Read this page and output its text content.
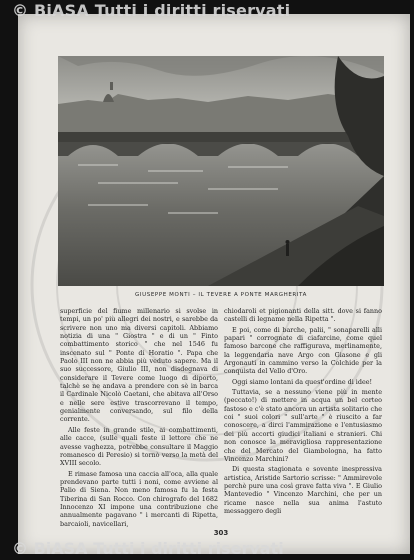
© BiASA Tutti i diritti riservati
GIUSEPPE MONTI – IL TEVERE A PONTE MARGHERITA

superficie del fiume millenario si svolse in tempi, un po' più allegri dei nostri, e sarebbe da scrivere non uno ma diversi capitoli. Abbiamo notizia di una " Giostra " e di un " Finto combattimento storico " che nel 1546 fu inscenato sul " Ponte di Horatio ". Papa che Paolo III non ne abbia più veduto sapere. Ma il suo successore, Giulio III, non disdegnava di considerare il Tevere come luogo di diporto, talchè se ne andava a prendere con sè in barca il Cardinale Nicolò Caetani, che abitava all'Orso e nelle sere estive trascorrevano il tempo, genialmente conversando, sul filo della corrente.

Alle feste in grande stile, ai combattimenti, alle cacce, (sulle quali feste il lettore che ne avesse vaghezza, potrebbe consultare il Maggio romanesco di Peresio) si tornò verso la metà del XVIII secolo.

E rimase famosa una caccia all'oca, alla quale prendevano parte tutti i noni, come avviene al Palio di Siena. Non meno famosa fu la festa Tiberina di San Rocco. Con chirografo del 1682 Innocenzo XI impone una contribuzione che annualmente pagavano " i mercanti di Ripetta, barcaioli, navicellari,

chiodaroli et pigionanti della sitt. dove si fanno castelli di legname nella Ripetta ".

E poi, come di barche, palii, " sonaparelli alli papari " corrognate di ciafarcine, come quel famoso barcone che raffigurava, merlinamente, la leggendaria nave Argo con Giasone e gli Argonauti in cammino verso la Colchide per la conquista del Vello d'Oro.

Oggi siamo lontani da quest'ordine di idee!

Tuttavia, se a nessuno viene più in mente (peccato!) di mettere in acqua un bel corteo fastoso e c'è stato ancora un artista solitario che coi " suoi colori " sull'arte " è riuscito a far conoscere, a dirci l'ammirazione e l'entusiasmo dei più accorti giudici italiani e stranieri. Chi non conosce la meravigliosa rappresentazione che del Mercato del Giambologna, ha fatto Vincenzo Marchini?

Di questa stagionata e sovente inespressiva artistica, Aristide Sartorio scrisse: " Ammirevole perchè pure una così grave fatta viva ". E Giulio Mantevedio " Vincenzo Marchini, che per un ricame nasce nella sua anima l'astuto messaggero degli

303
© BiASA Tutti i diritti riservati
